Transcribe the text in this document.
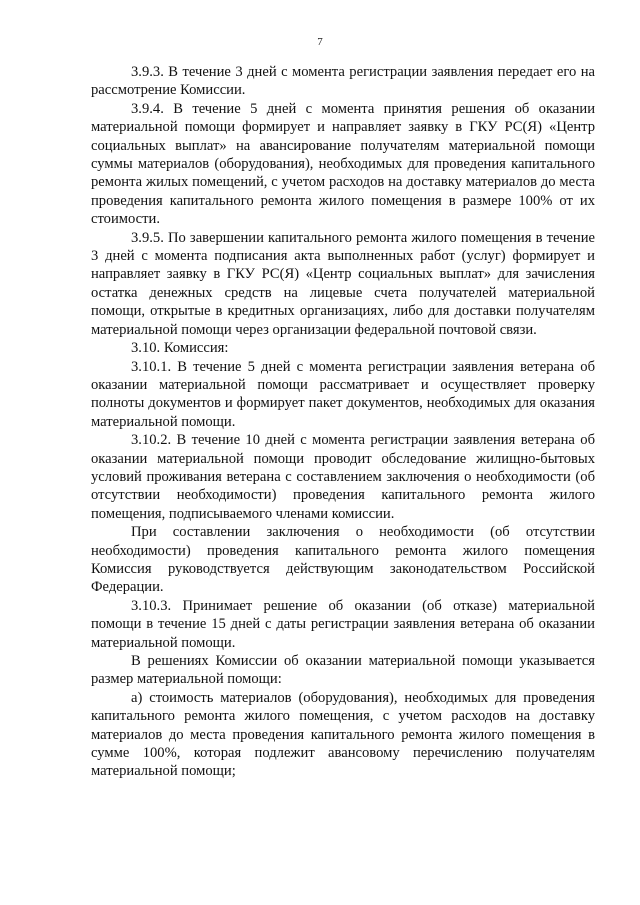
7

3.9.3. В течение 3 дней с момента регистрации заявления передает его на рассмотрение Комиссии.

3.9.4. В течение 5 дней с момента принятия решения об оказании материальной помощи формирует и направляет заявку в ГКУ РС(Я) «Центр социальных выплат» на авансирование получателям материальной помощи суммы материалов (оборудования), необходимых для проведения капитального ремонта жилых помещений, с учетом расходов на доставку материалов до места проведения капитального ремонта жилого помещения в размере 100% от их стоимости.

3.9.5. По завершении капитального ремонта жилого помещения в течение 3 дней с момента подписания акта выполненных работ (услуг) формирует и направляет заявку в ГКУ РС(Я) «Центр социальных выплат» для зачисления остатка денежных средств на лицевые счета получателей материальной помощи, открытые в кредитных организациях, либо для доставки получателям материальной помощи через организации федеральной почтовой связи.

3.10. Комиссия:

3.10.1. В течение 5 дней с момента регистрации заявления ветерана об оказании материальной помощи рассматривает и осуществляет проверку полноты документов и формирует пакет документов, необходимых для оказания материальной помощи.

3.10.2. В течение 10 дней с момента регистрации заявления ветерана об оказании материальной помощи проводит обследование жилищно-бытовых условий проживания ветерана с составлением заключения о необходимости (об отсутствии необходимости) проведения капитального ремонта жилого помещения, подписываемого членами комиссии.

При составлении заключения о необходимости (об отсутствии необходимости) проведения капитального ремонта жилого помещения Комиссия руководствуется действующим законодательством Российской Федерации.

3.10.3. Принимает решение об оказании (об отказе) материальной помощи в течение 15 дней с даты регистрации заявления ветерана об оказании материальной помощи.

В решениях Комиссии об оказании материальной помощи указывается размер материальной помощи:

а) стоимость материалов (оборудования), необходимых для проведения капитального ремонта жилого помещения, с учетом расходов на доставку материалов до места проведения капитального ремонта жилого помещения в сумме 100%, которая подлежит авансовому перечислению получателям материальной помощи;
